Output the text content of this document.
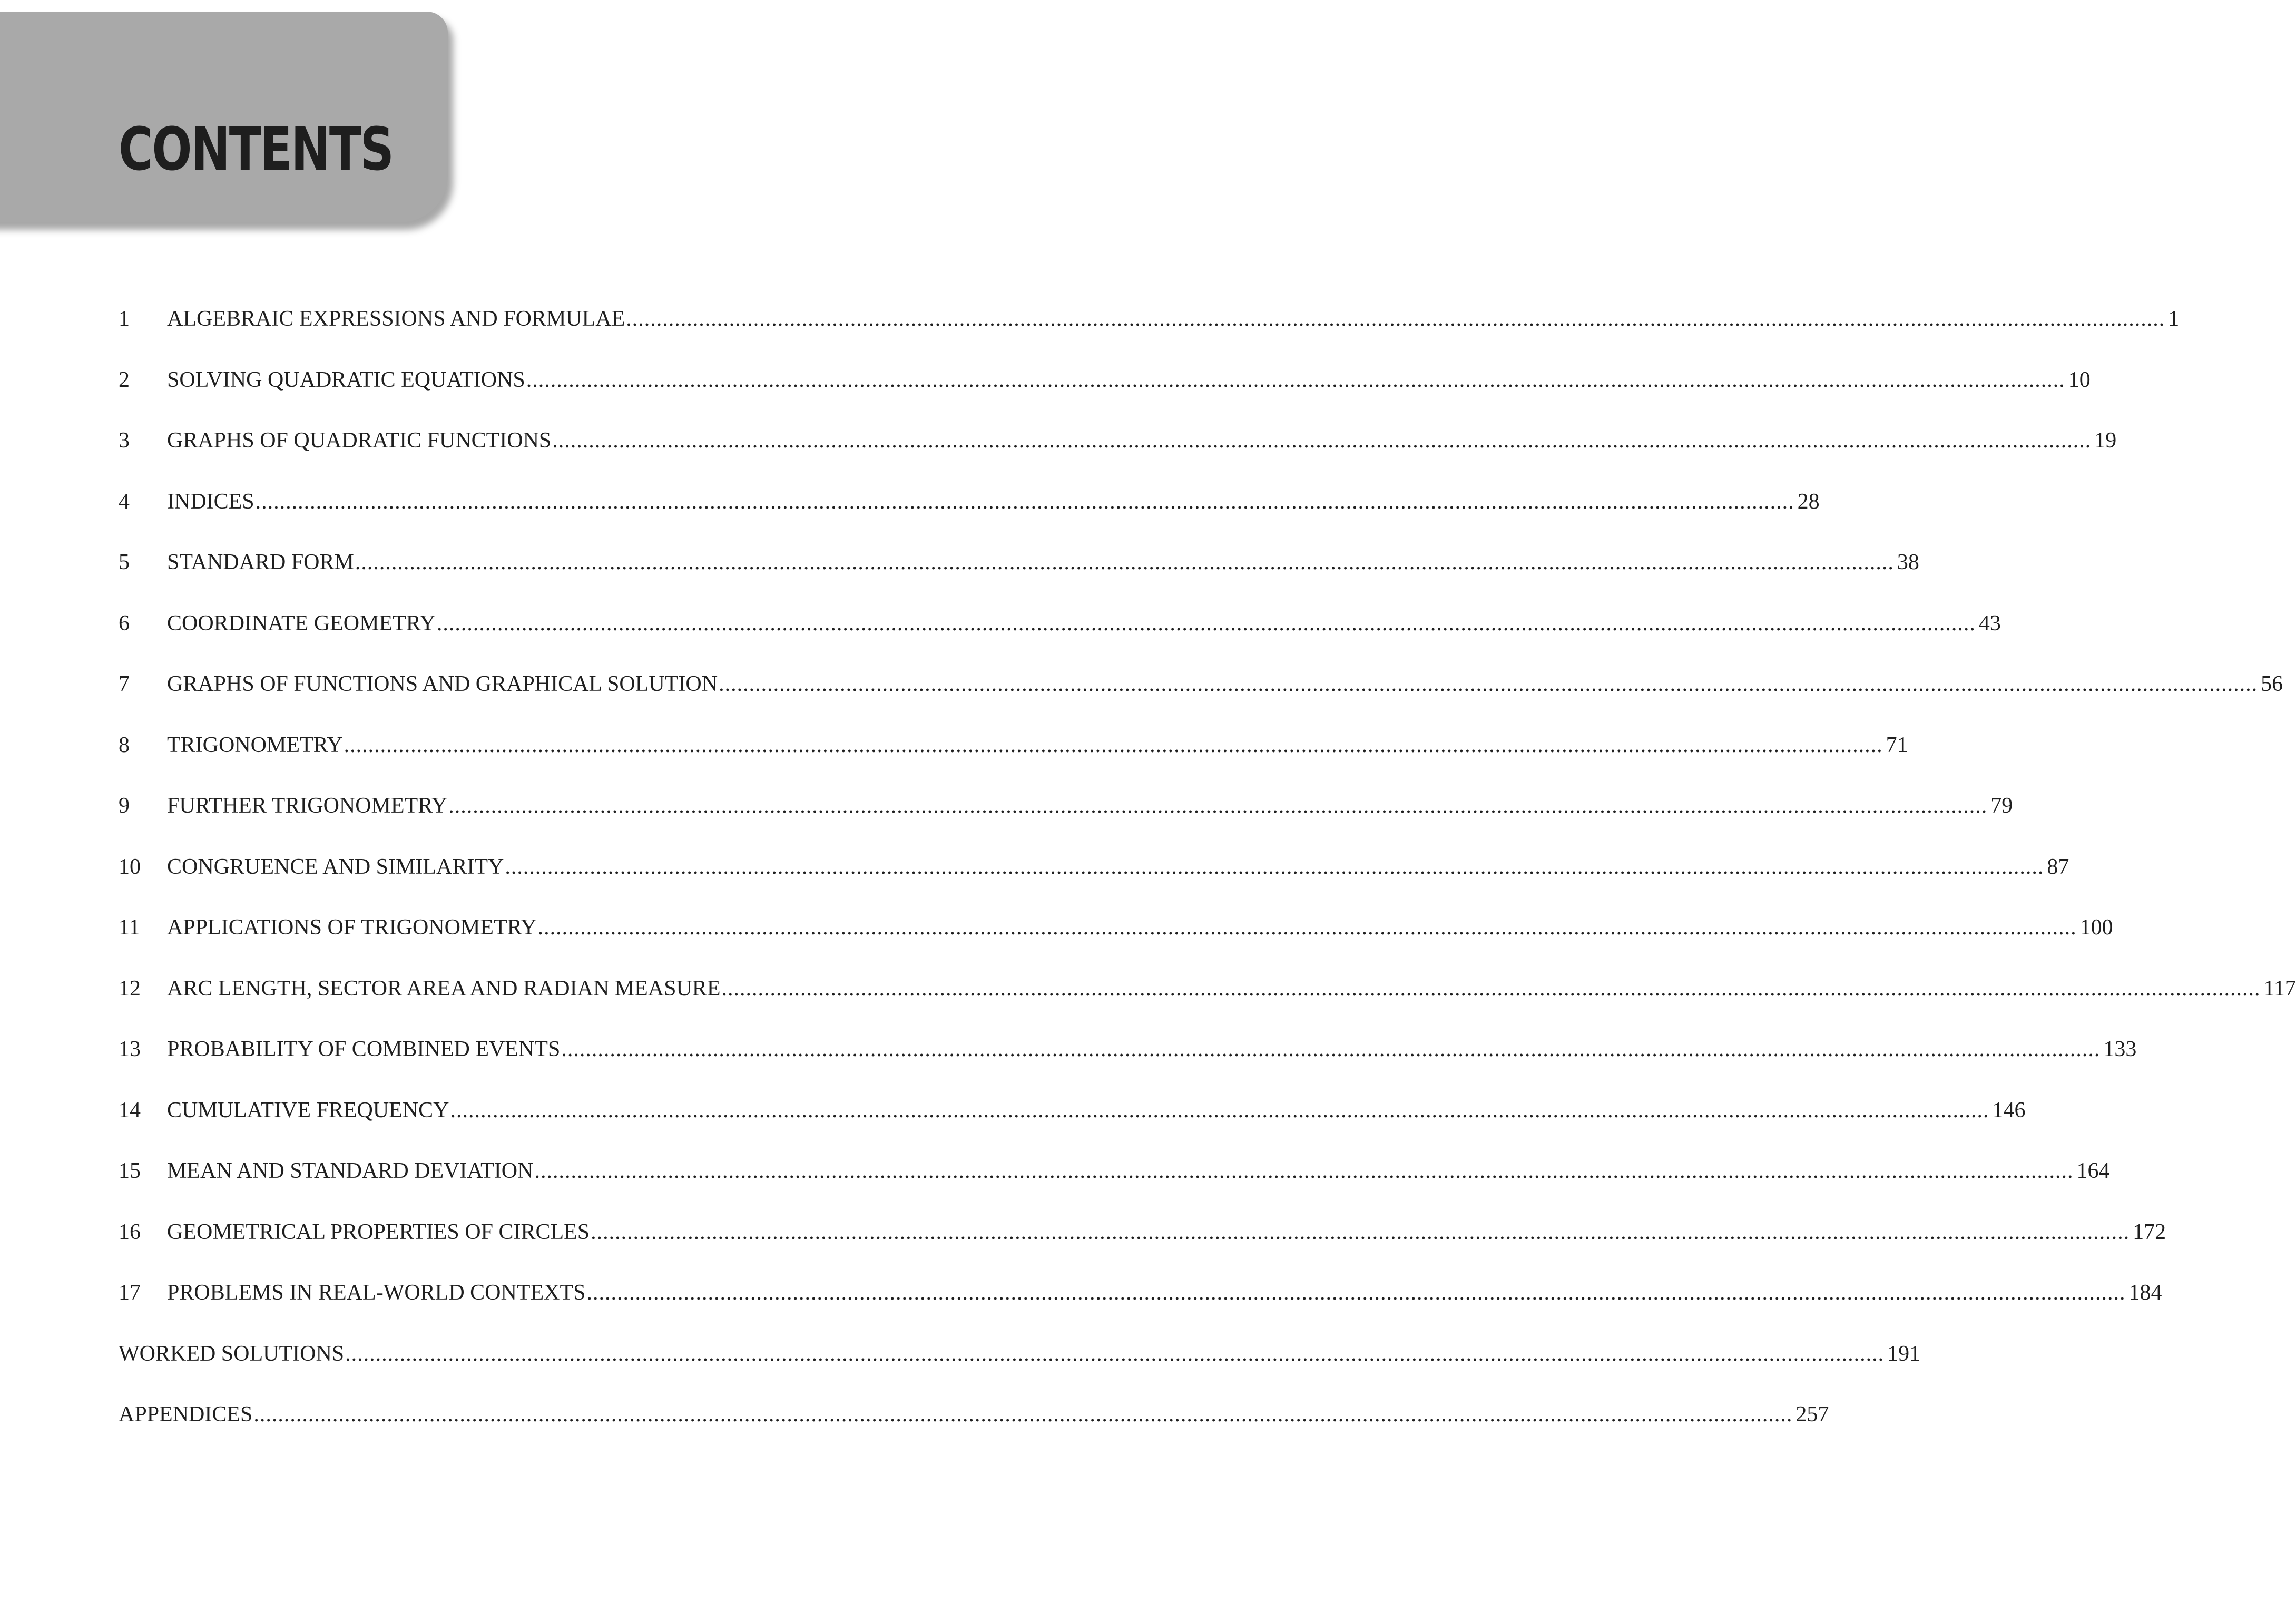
CONTENTS
1	ALGEBRAIC EXPRESSIONS AND FORMULAE .............................................................................................................................................................................................................................................................. 1
2	SOLVING QUADRATIC EQUATIONS .............................................................................................................................................................................................................................................................. 10
3	GRAPHS OF QUADRATIC FUNCTIONS .............................................................................................................................................................................................................................................................. 19
4	INDICES .............................................................................................................................................................................................................................................................. 28
5	STANDARD FORM .............................................................................................................................................................................................................................................................. 38
6	COORDINATE GEOMETRY .............................................................................................................................................................................................................................................................. 43
7	GRAPHS OF FUNCTIONS AND GRAPHICAL SOLUTION .............................................................................................................................................................................................................................................................. 56
8	TRIGONOMETRY .............................................................................................................................................................................................................................................................. 71
9	FURTHER TRIGONOMETRY .............................................................................................................................................................................................................................................................. 79
10	CONGRUENCE AND SIMILARITY .............................................................................................................................................................................................................................................................. 87
11	APPLICATIONS OF TRIGONOMETRY .............................................................................................................................................................................................................................................................. 100
12	ARC LENGTH, SECTOR AREA AND RADIAN MEASURE .............................................................................................................................................................................................................................................................. 117
13	PROBABILITY OF COMBINED EVENTS .............................................................................................................................................................................................................................................................. 133
14	CUMULATIVE FREQUENCY .............................................................................................................................................................................................................................................................. 146
15	MEAN AND STANDARD DEVIATION .............................................................................................................................................................................................................................................................. 164
16	GEOMETRICAL PROPERTIES OF CIRCLES .............................................................................................................................................................................................................................................................. 172
17	PROBLEMS IN REAL-WORLD CONTEXTS .............................................................................................................................................................................................................................................................. 184
WORKED SOLUTIONS .............................................................................................................................................................................................................................................................. 191
APPENDICES .............................................................................................................................................................................................................................................................. 257
